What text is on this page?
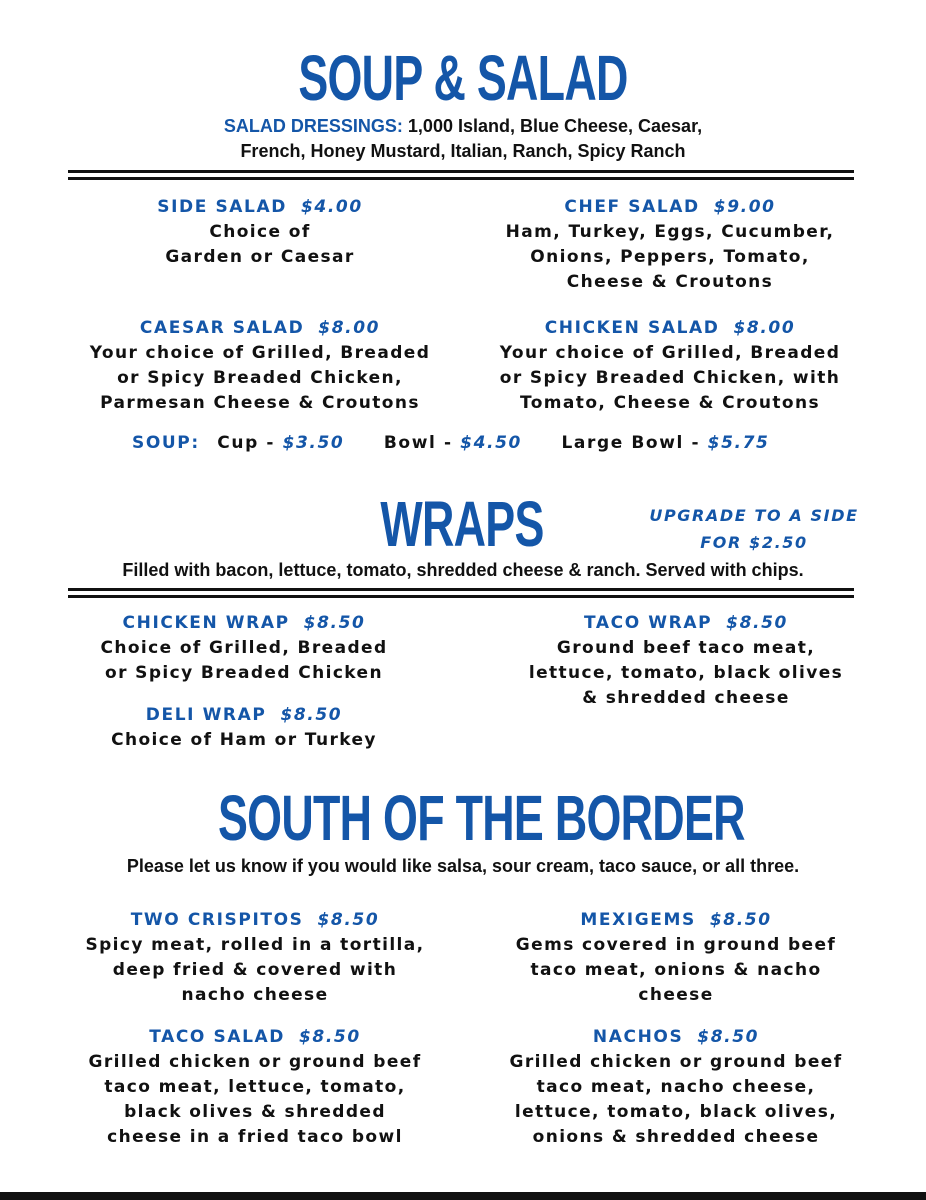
SOUP & SALAD
SALAD DRESSINGS: 1,000 Island, Blue Cheese, Caesar,
French, Honey Mustard, Italian, Ranch, Spicy Ranch
SIDE SALAD $4.00
Choice of
Garden or Caesar
CHEF SALAD $9.00
Ham, Turkey, Eggs, Cucumber,
Onions, Peppers, Tomato,
Cheese & Croutons
CAESAR SALAD $8.00
Your choice of Grilled, Breaded
or Spicy Breaded Chicken,
Parmesan Cheese & Croutons
CHICKEN SALAD $8.00
Your choice of Grilled, Breaded
or Spicy Breaded Chicken, with
Tomato, Cheese & Croutons
SOUP: Cup - $3.50 Bowl - $4.50 Large Bowl - $5.75
WRAPS	UPGRADE TO A SIDE
FOR $2.50
Filled with bacon, lettuce, tomato, shredded cheese & ranch. Served with chips.
CHICKEN WRAP $8.50
Choice of Grilled, Breaded
or Spicy Breaded Chicken
TACO WRAP $8.50
Ground beef taco meat,
lettuce, tomato, black olives
& shredded cheese
DELI WRAP $8.50
Choice of Ham or Turkey
SOUTH OF THE BORDER
Please let us know if you would like salsa, sour cream, taco sauce, or all three.
TWO CRISPITOS $8.50
Spicy meat, rolled in a tortilla,
deep fried & covered with
nacho cheese
MEXIGEMS $8.50
Gems covered in ground beef
taco meat, onions & nacho
cheese
TACO SALAD $8.50
Grilled chicken or ground beef
taco meat, lettuce, tomato,
black olives & shredded
cheese in a fried taco bowl
NACHOS $8.50
Grilled chicken or ground beef
taco meat, nacho cheese,
lettuce, tomato, black olives,
onions & shredded cheese
